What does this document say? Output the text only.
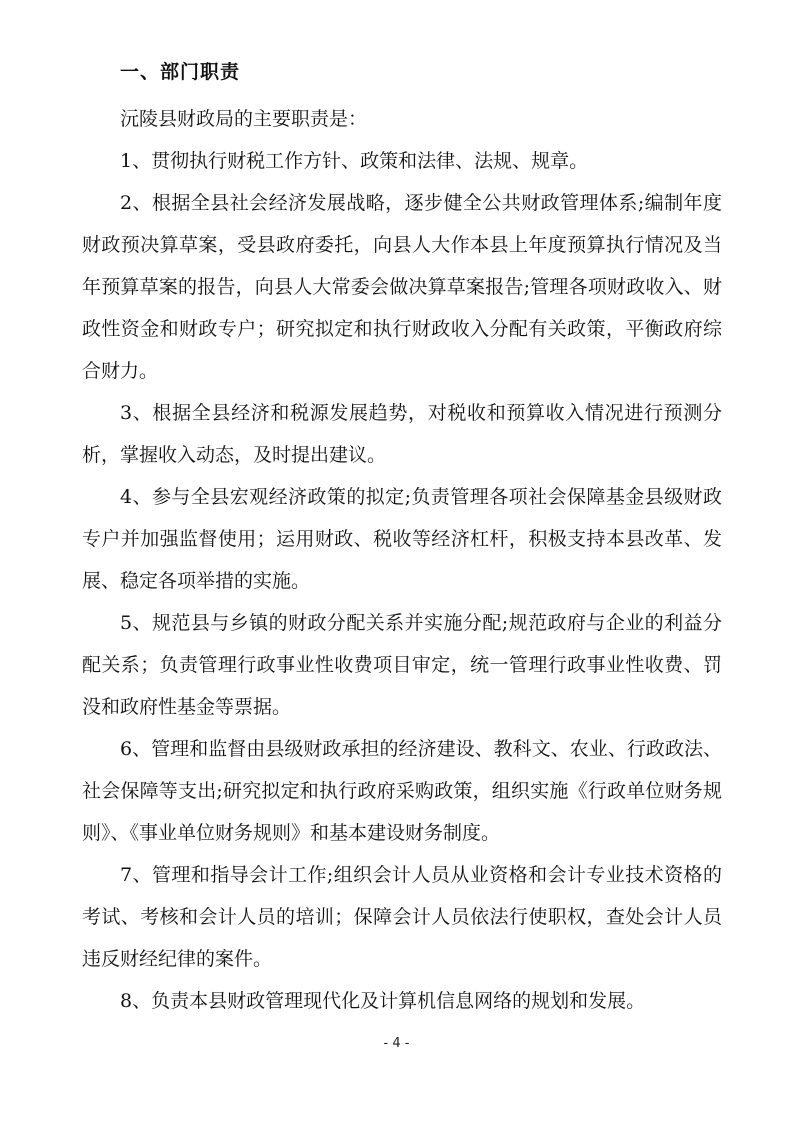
一、部门职责

沅陵县财政局的主要职责是：

1、贯彻执行财税工作方针、政策和法律、法规、规章。

2、根据全县社会经济发展战略，逐步健全公共财政管理体系;编制年度财政预决算草案，受县政府委托，向县人大作本县上年度预算执行情况及当年预算草案的报告，向县人大常委会做决算草案报告;管理各项财政收入、财政性资金和财政专户；研究拟定和执行财政收入分配有关政策，平衡政府综合财力。

3、根据全县经济和税源发展趋势，对税收和预算收入情况进行预测分析，掌握收入动态，及时提出建议。

4、参与全县宏观经济政策的拟定;负责管理各项社会保障基金县级财政专户并加强监督使用；运用财政、税收等经济杠杆，积极支持本县改革、发展、稳定各项举措的实施。

5、规范县与乡镇的财政分配关系并实施分配;规范政府与企业的利益分配关系；负责管理行政事业性收费项目审定，统一管理行政事业性收费、罚没和政府性基金等票据。

6、管理和监督由县级财政承担的经济建设、教科文、农业、行政政法、社会保障等支出;研究拟定和执行政府采购政策，组织实施《行政单位财务规则》、《事业单位财务规则》和基本建设财务制度。

7、管理和指导会计工作;组织会计人员从业资格和会计专业技术资格的考试、考核和会计人员的培训；保障会计人员依法行使职权，查处会计人员违反财经纪律的案件。

8、负责本县财政管理现代化及计算机信息网络的规划和发展。

- 4 -
